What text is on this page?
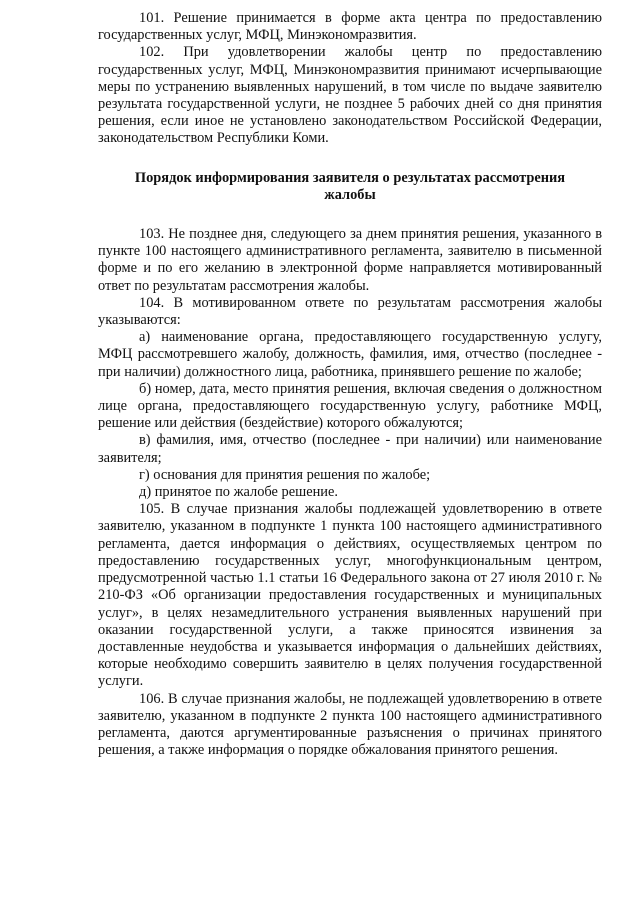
101. Решение принимается в форме акта центра по предоставлению государственных услуг, МФЦ, Минэкономразвития.

102. При удовлетворении жалобы центр по предоставлению государственных услуг, МФЦ, Минэкономразвития принимают исчерпывающие меры по устранению выявленных нарушений, в том числе по выдаче заявителю результата государственной услуги, не позднее 5 рабочих дней со дня принятия решения, если иное не установлено законодательством Российской Федерации, законодательством Республики Коми.

Порядок информирования заявителя о результатах рассмотрения жалобы

103. Не позднее дня, следующего за днем принятия решения, указанного в пункте 100 настоящего административного регламента, заявителю в письменной форме и по его желанию в электронной форме направляется мотивированный ответ по результатам рассмотрения жалобы.

104. В мотивированном ответе по результатам рассмотрения жалобы указываются:

а) наименование органа, предоставляющего государственную услугу, МФЦ рассмотревшего жалобу, должность, фамилия, имя, отчество (последнее - при наличии) должностного лица, работника, принявшего решение по жалобе;

б) номер, дата, место принятия решения, включая сведения о должностном лице органа, предоставляющего государственную услугу, работнике МФЦ, решение или действия (бездействие) которого обжалуются;

в) фамилия, имя, отчество (последнее - при наличии) или наименование заявителя;

г) основания для принятия решения по жалобе;

д) принятое по жалобе решение.

105. В случае признания жалобы подлежащей удовлетворению в ответе заявителю, указанном в подпункте 1 пункта 100 настоящего административного регламента, дается информация о действиях, осуществляемых центром по предоставлению государственных услуг, многофункциональным центром, предусмотренной частью 1.1 статьи 16 Федерального закона от 27 июля 2010 г. № 210-ФЗ «Об организации предоставления государственных и муниципальных услуг», в целях незамедлительного устранения выявленных нарушений при оказании государственной услуги, а также приносятся извинения за доставленные неудобства и указывается информация о дальнейших действиях, которые необходимо совершить заявителю в целях получения государственной услуги.

106. В случае признания жалобы, не подлежащей удовлетворению в ответе заявителю, указанном в подпункте 2 пункта 100 настоящего административного регламента, даются аргументированные разъяснения о причинах принятого решения, а также информация о порядке обжалования принятого решения.
